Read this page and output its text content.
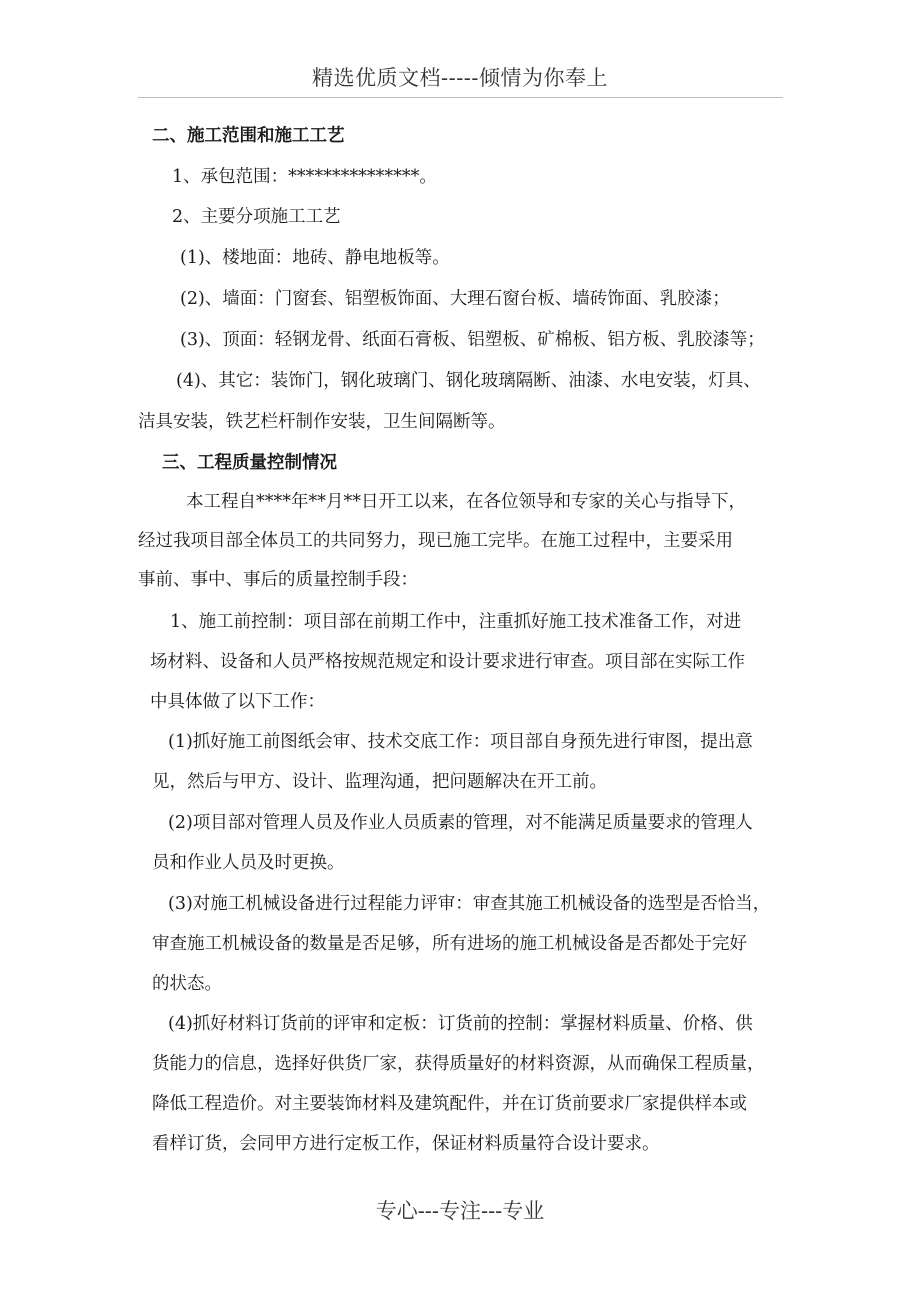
精选优质文档-----倾情为你奉上
二、施工范围和施工工艺
1、承包范围：***************。
2、主要分项施工工艺
(1)、楼地面：地砖、静电地板等。
(2)、墙面：门窗套、铝塑板饰面、大理石窗台板、墙砖饰面、乳胶漆；
(3)、顶面：轻钢龙骨、纸面石膏板、铝塑板、矿棉板、铝方板、乳胶漆等；
(4)、其它：装饰门，钢化玻璃门、钢化玻璃隔断、油漆、水电安装，灯具、
洁具安装，铁艺栏杆制作安装，卫生间隔断等。
三、工程质量控制情况
本工程自****年**月**日开工以来，在各位领导和专家的关心与指导下，
经过我项目部全体员工的共同努力，现已施工完毕。在施工过程中，主要采用
事前、事中、事后的质量控制手段：
1、施工前控制：项目部在前期工作中，注重抓好施工技术准备工作，对进
场材料、设备和人员严格按规范规定和设计要求进行审查。项目部在实际工作
中具体做了以下工作：
(1)抓好施工前图纸会审、技术交底工作：项目部自身预先进行审图，提出意
见，然后与甲方、设计、监理沟通，把问题解决在开工前。
(2)项目部对管理人员及作业人员质素的管理，对不能满足质量要求的管理人
员和作业人员及时更换。
(3)对施工机械设备进行过程能力评审：审查其施工机械设备的选型是否恰当，
审查施工机械设备的数量是否足够，所有进场的施工机械设备是否都处于完好
的状态。
(4)抓好材料订货前的评审和定板：订货前的控制：掌握材料质量、价格、供
货能力的信息，选择好供货厂家，获得质量好的材料资源，从而确保工程质量，
降低工程造价。对主要装饰材料及建筑配件，并在订货前要求厂家提供样本或
看样订货，会同甲方进行定板工作，保证材料质量符合设计要求。
专心---专注---专业
